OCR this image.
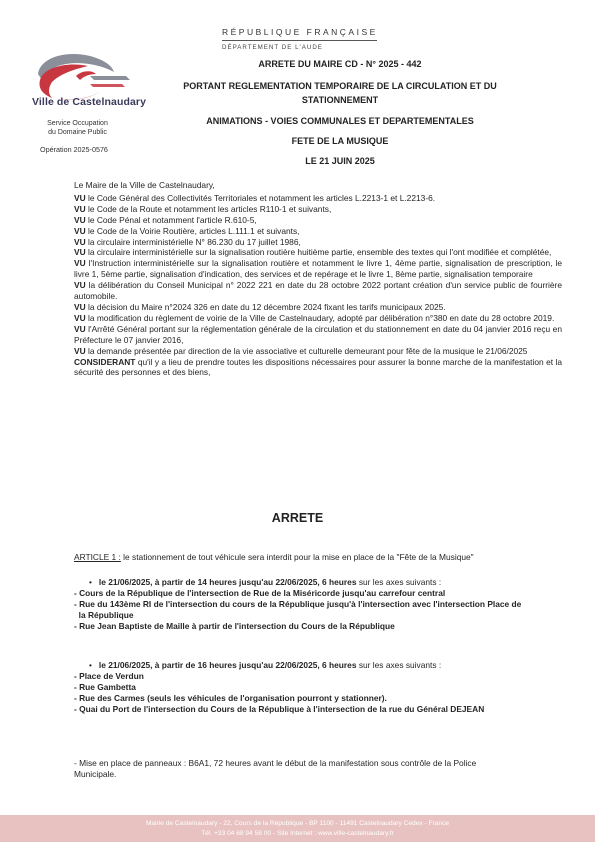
Ville de Castelnaudary
Service Occupation
du Domaine Public
Opération 2025-0576
RÉPUBLIQUE FRANÇAISE
DÉPARTEMENT DE L'AUDE
ARRETE DU MAIRE CD - N° 2025 - 442
PORTANT REGLEMENTATION TEMPORAIRE DE LA CIRCULATION ET DU
STATIONNEMENT
ANIMATIONS - VOIES COMMUNALES ET DEPARTEMENTALES
FETE DE LA MUSIQUE
LE 21 JUIN 2025

Le Maire de la Ville de Castelnaudary,

VU le Code Général des Collectivités Territoriales et notamment les articles L.2213-1 et L.2213-6.

VU le Code de la Route et notamment les articles R110-1 et suivants,

VU le Code Pénal et notamment l'article R.610-5,

VU le Code de la Voirie Routière, articles L.111.1 et suivants,

VU la circulaire interministérielle N° 86.230 du 17 juillet 1986,

VU la circulaire interministérielle sur la signalisation routière huitième partie, ensemble des textes qui l'ont modifiée et complétée,

VU l'Instruction interministérielle sur la signalisation routière et notamment le livre 1, 4ème partie, signalisation de prescription, le livre 1, 5ème partie, signalisation d'indication, des services et de repérage et le livre 1, 8ème partie, signalisation temporaire

VU la délibération du Conseil Municipal n° 2022 221 en date du 28 octobre 2022 portant création d'un service public de fourrière automobile.

VU la décision du Maire n°2024 326 en date du 12 décembre 2024 fixant les tarifs municipaux 2025.

VU la modification du règlement de voirie de la Ville de Castelnaudary, adopté par délibération n°380 en date du 28 octobre 2019.

VU l'Arrêté Général portant sur la réglementation générale de la circulation et du stationnement en date du 04 janvier 2016 reçu en Préfecture le 07 janvier 2016,

VU la demande présentée par direction de la vie associative et culturelle demeurant pour fête de la musique le 21/06/2025

CONSIDERANT qu'il y a lieu de prendre toutes les dispositions nécessaires pour assurer la bonne marche de la manifestation et la sécurité des personnes et des biens,

ARRETE
ARTICLE 1 : le stationnement de tout véhicule sera interdit pour la mise en place de la "Fête de la Musique"

•   le 21/06/2025, à partir de 14 heures jusqu'au 22/06/2025, 6 heures sur les axes suivants :

- Cours de la République de l'intersection de Rue de la Miséricorde jusqu'au carrefour central

- Rue du 143ème RI de l'intersection du cours de la République jusqu'à l'intersection avec l'intersection Place de

la République

- Rue Jean Baptiste de Maille à partir de l'intersection du Cours de la République

•   le 21/06/2025, à partir de 16 heures jusqu'au 22/06/2025, 6 heures sur les axes suivants :

- Place de Verdun

- Rue Gambetta

- Rue des Carmes (seuls les véhicules de l'organisation pourront y stationner).

- Quai du Port de l'intersection du Cours de la République à l'intersection de la rue du Général DEJEAN

- Mise en place de panneaux : B6A1, 72 heures avant le début de la manifestation sous contrôle de la Police

Municipale.

Mairie de Castelnaudary - 22, Cours de la République - BP 1100 - 11491 Castelnaudary Cedex - France
Tél. +33 04 68 94 58 00 - Site Internet : www.ville-castelnaudary.fr
